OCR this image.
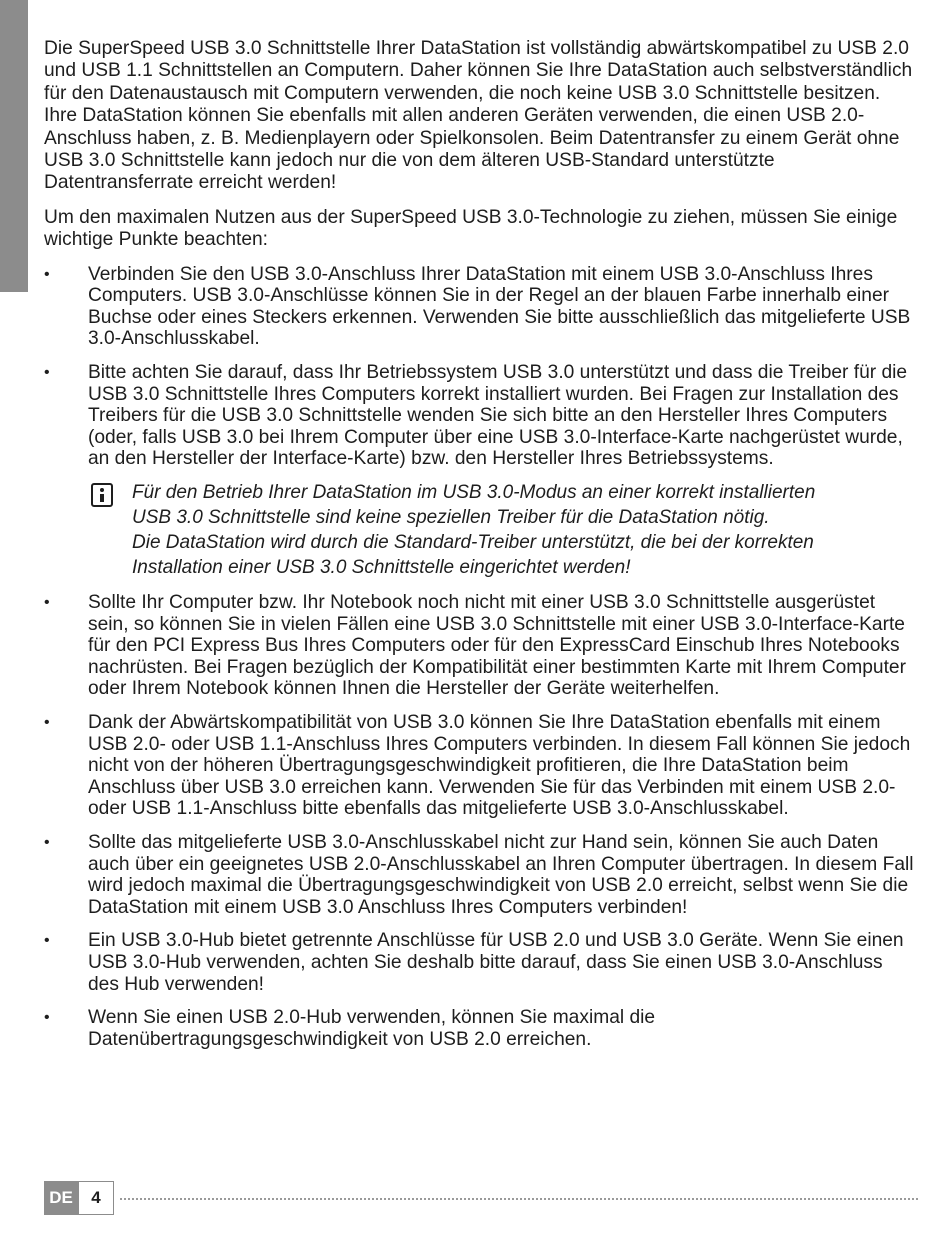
Die SuperSpeed USB 3.0 Schnittstelle Ihrer DataStation ist vollständig abwärtskompatibel zu USB 2.0 und USB 1.1 Schnittstellen an Computern. Daher können Sie Ihre DataStation auch selbstverständlich für den Datenaustausch mit Computern verwenden, die noch keine USB 3.0 Schnittstelle besitzen. Ihre DataStation können Sie ebenfalls mit allen anderen Geräten verwenden, die einen USB 2.0-Anschluss haben, z. B. Medienplayern oder Spielkonsolen. Beim Datentransfer zu einem Gerät ohne USB 3.0 Schnittstelle kann jedoch nur die von dem älteren USB-Standard unterstützte Datentransferrate erreicht werden!

Um den maximalen Nutzen aus der SuperSpeed USB 3.0-Technologie zu ziehen, müssen Sie einige wichtige Punkte beachten:

• Verbinden Sie den USB 3.0-Anschluss Ihrer DataStation mit einem USB 3.0-Anschluss Ihres Computers. USB 3.0-Anschlüsse können Sie in der Regel an der blauen Farbe innerhalb einer Buchse oder eines Steckers erkennen. Verwenden Sie bitte ausschließlich das mitgelieferte USB 3.0-Anschlusskabel.
• Bitte achten Sie darauf, dass Ihr Betriebssystem USB 3.0 unterstützt und dass die Treiber für die USB 3.0 Schnittstelle Ihres Computers korrekt installiert wurden. Bei Fragen zur Installation des Treibers für die USB 3.0 Schnittstelle wenden Sie sich bitte an den Hersteller Ihres Computers (oder, falls USB 3.0 bei Ihrem Computer über eine USB 3.0-Interface-Karte nachgerüstet wurde, an den Hersteller der Interface-Karte) bzw. den Hersteller Ihres Betriebssystems.
Für den Betrieb Ihrer DataStation im USB 3.0-Modus an einer korrekt installierten
USB 3.0 Schnittstelle sind keine speziellen Treiber für die DataStation nötig.
Die DataStation wird durch die Standard-Treiber unterstützt, die bei der korrekten
Installation einer USB 3.0 Schnittstelle eingerichtet werden!
• Sollte Ihr Computer bzw. Ihr Notebook noch nicht mit einer USB 3.0 Schnittstelle ausgerüstet sein, so können Sie in vielen Fällen eine USB 3.0 Schnittstelle mit einer USB 3.0-Interface-Karte für den PCI Express Bus Ihres Computers oder für den ExpressCard Einschub Ihres Notebooks nachrüsten. Bei Fragen bezüglich der Kompatibilität einer bestimmten Karte mit Ihrem Computer oder Ihrem Notebook können Ihnen die Hersteller der Geräte weiterhelfen.
• Dank der Abwärtskompatibilität von USB 3.0 können Sie Ihre DataStation ebenfalls mit einem USB 2.0- oder USB 1.1-Anschluss Ihres Computers verbinden. In diesem Fall können Sie jedoch nicht von der höheren Übertragungsgeschwindigkeit profitieren, die Ihre DataStation beim Anschluss über USB 3.0 erreichen kann. Verwenden Sie für das Verbinden mit einem USB 2.0- oder USB 1.1-Anschluss bitte ebenfalls das mitgelieferte USB 3.0-Anschlusskabel.
• Sollte das mitgelieferte USB 3.0-Anschlusskabel nicht zur Hand sein, können Sie auch Daten auch über ein geeignetes USB 2.0-Anschlusskabel an Ihren Computer übertragen. In diesem Fall wird jedoch maximal die Übertragungsgeschwindigkeit von USB 2.0 erreicht, selbst wenn Sie die DataStation mit einem USB 3.0 Anschluss Ihres Computers verbinden!
• Ein USB 3.0-Hub bietet getrennte Anschlüsse für USB 2.0 und USB 3.0 Geräte. Wenn Sie einen USB 3.0-Hub verwenden, achten Sie deshalb bitte darauf, dass Sie einen USB 3.0-Anschluss des Hub verwenden!
• Wenn Sie einen USB 2.0-Hub verwenden, können Sie maximal die Datenübertragungsgeschwindigkeit von USB 2.0 erreichen.
DE	4
